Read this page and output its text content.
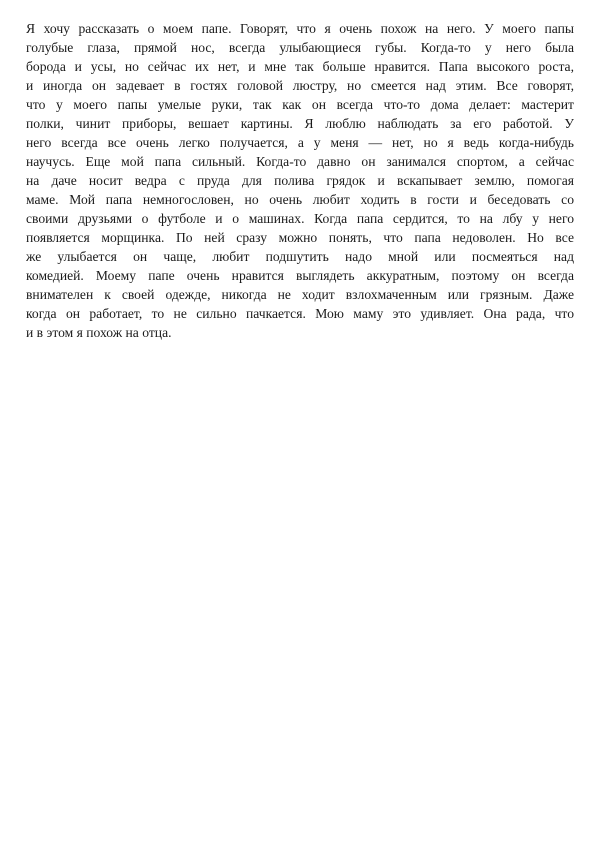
Я хочу рассказать о моем папе. Говорят, что я очень похож на него. У моего папы
голубые глаза, прямой нос, всегда улыбающиеся губы. Когда-то у него была
борода и усы, но сейчас их нет, и мне так больше нравится. Папа высокого роста,
и иногда он задевает в гостях головой люстру, но смеется над этим. Все говорят,
что у моего папы умелые руки, так как он всегда что-то дома делает: мастерит
полки, чинит приборы, вешает картины. Я люблю наблюдать за его работой. У
него всегда все очень легко получается, а у меня — нет, но я ведь когда-нибудь
научусь. Еще мой папа сильный. Когда-то давно он занимался спортом, а сейчас
на даче носит ведра с пруда для полива грядок и вскапывает землю, помогая
маме. Мой папа немногословен, но очень любит ходить в гости и беседовать со
своими друзьями о футболе и о машинах. Когда папа сердится, то на лбу у него
появляется морщинка. По ней сразу можно понять, что папа недоволен. Но все
же улыбается он чаще, любит подшутить надо мной или посмеяться над
комедией. Моему папе очень нравится выглядеть аккуратным, поэтому он всегда
внимателен к своей одежде, никогда не ходит взлохмаченным или грязным. Даже
когда он работает, то не сильно пачкается. Мою маму это удивляет. Она рада, что
и в этом я похож на отца.
